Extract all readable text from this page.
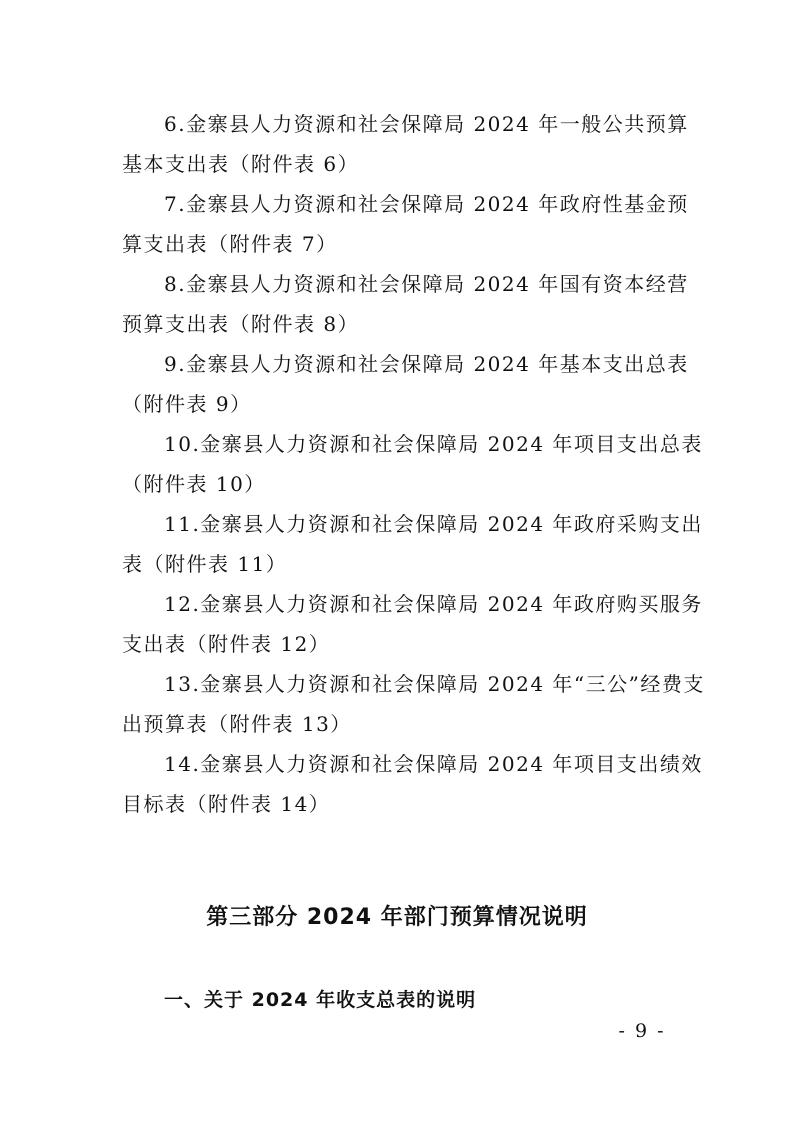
6.金寨县人力资源和社会保障局 2024 年一般公共预算
基本支出表（附件表 6）
7.金寨县人力资源和社会保障局 2024 年政府性基金预
算支出表（附件表 7）
8.金寨县人力资源和社会保障局 2024 年国有资本经营
预算支出表（附件表 8）
9.金寨县人力资源和社会保障局 2024 年基本支出总表
（附件表 9）
10.金寨县人力资源和社会保障局 2024 年项目支出总表
（附件表 10）
11.金寨县人力资源和社会保障局 2024 年政府采购支出
表（附件表 11）
12.金寨县人力资源和社会保障局 2024 年政府购买服务
支出表（附件表 12）
13.金寨县人力资源和社会保障局 2024 年“三公”经费支
出预算表（附件表 13）
14.金寨县人力资源和社会保障局 2024 年项目支出绩效
目标表（附件表 14）
第三部分 2024 年部门预算情况说明
一、关于 2024 年收支总表的说明
- 9 -
